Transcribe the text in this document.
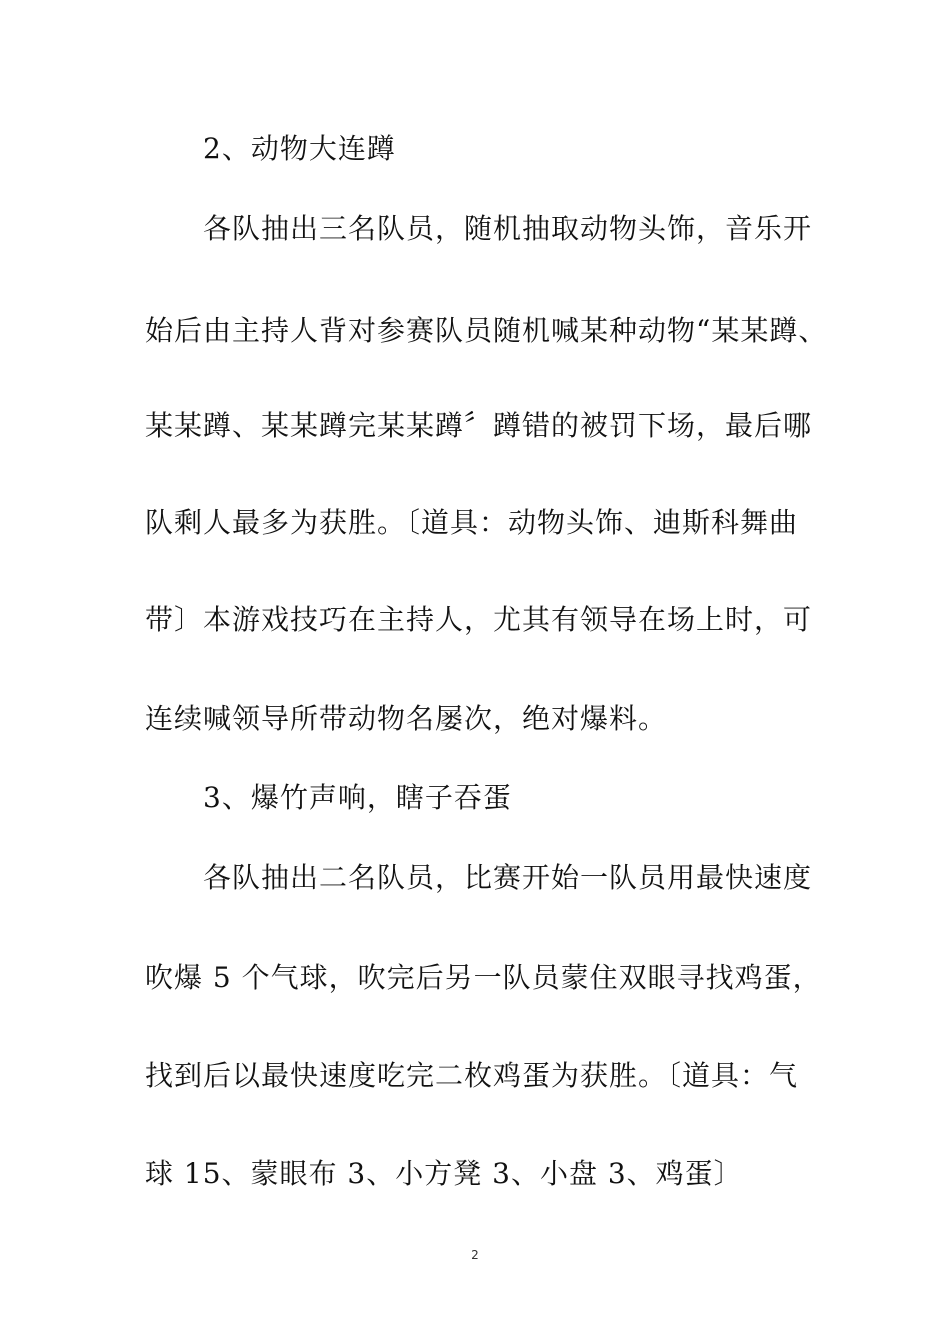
2、动物大连蹲
各队抽出三名队员，随机抽取动物头饰，音乐开
始后由主持人背对参赛队员随机喊某种动物“某某蹲、
某某蹲、某某蹲完某某蹲〞蹲错的被罚下场，最后哪
队剩人最多为获胜。〔道具：动物头饰、迪斯科舞曲
带〕本游戏技巧在主持人，尤其有领导在场上时，可
连续喊领导所带动物名屡次，绝对爆料。
3、爆竹声响，瞎子吞蛋
各队抽出二名队员，比赛开始一队员用最快速度
吹爆 5 个气球，吹完后另一队员蒙住双眼寻找鸡蛋，
找到后以最快速度吃完二枚鸡蛋为获胜。〔道具：气
球 15、蒙眼布 3、小方凳 3、小盘 3、鸡蛋〕
2
